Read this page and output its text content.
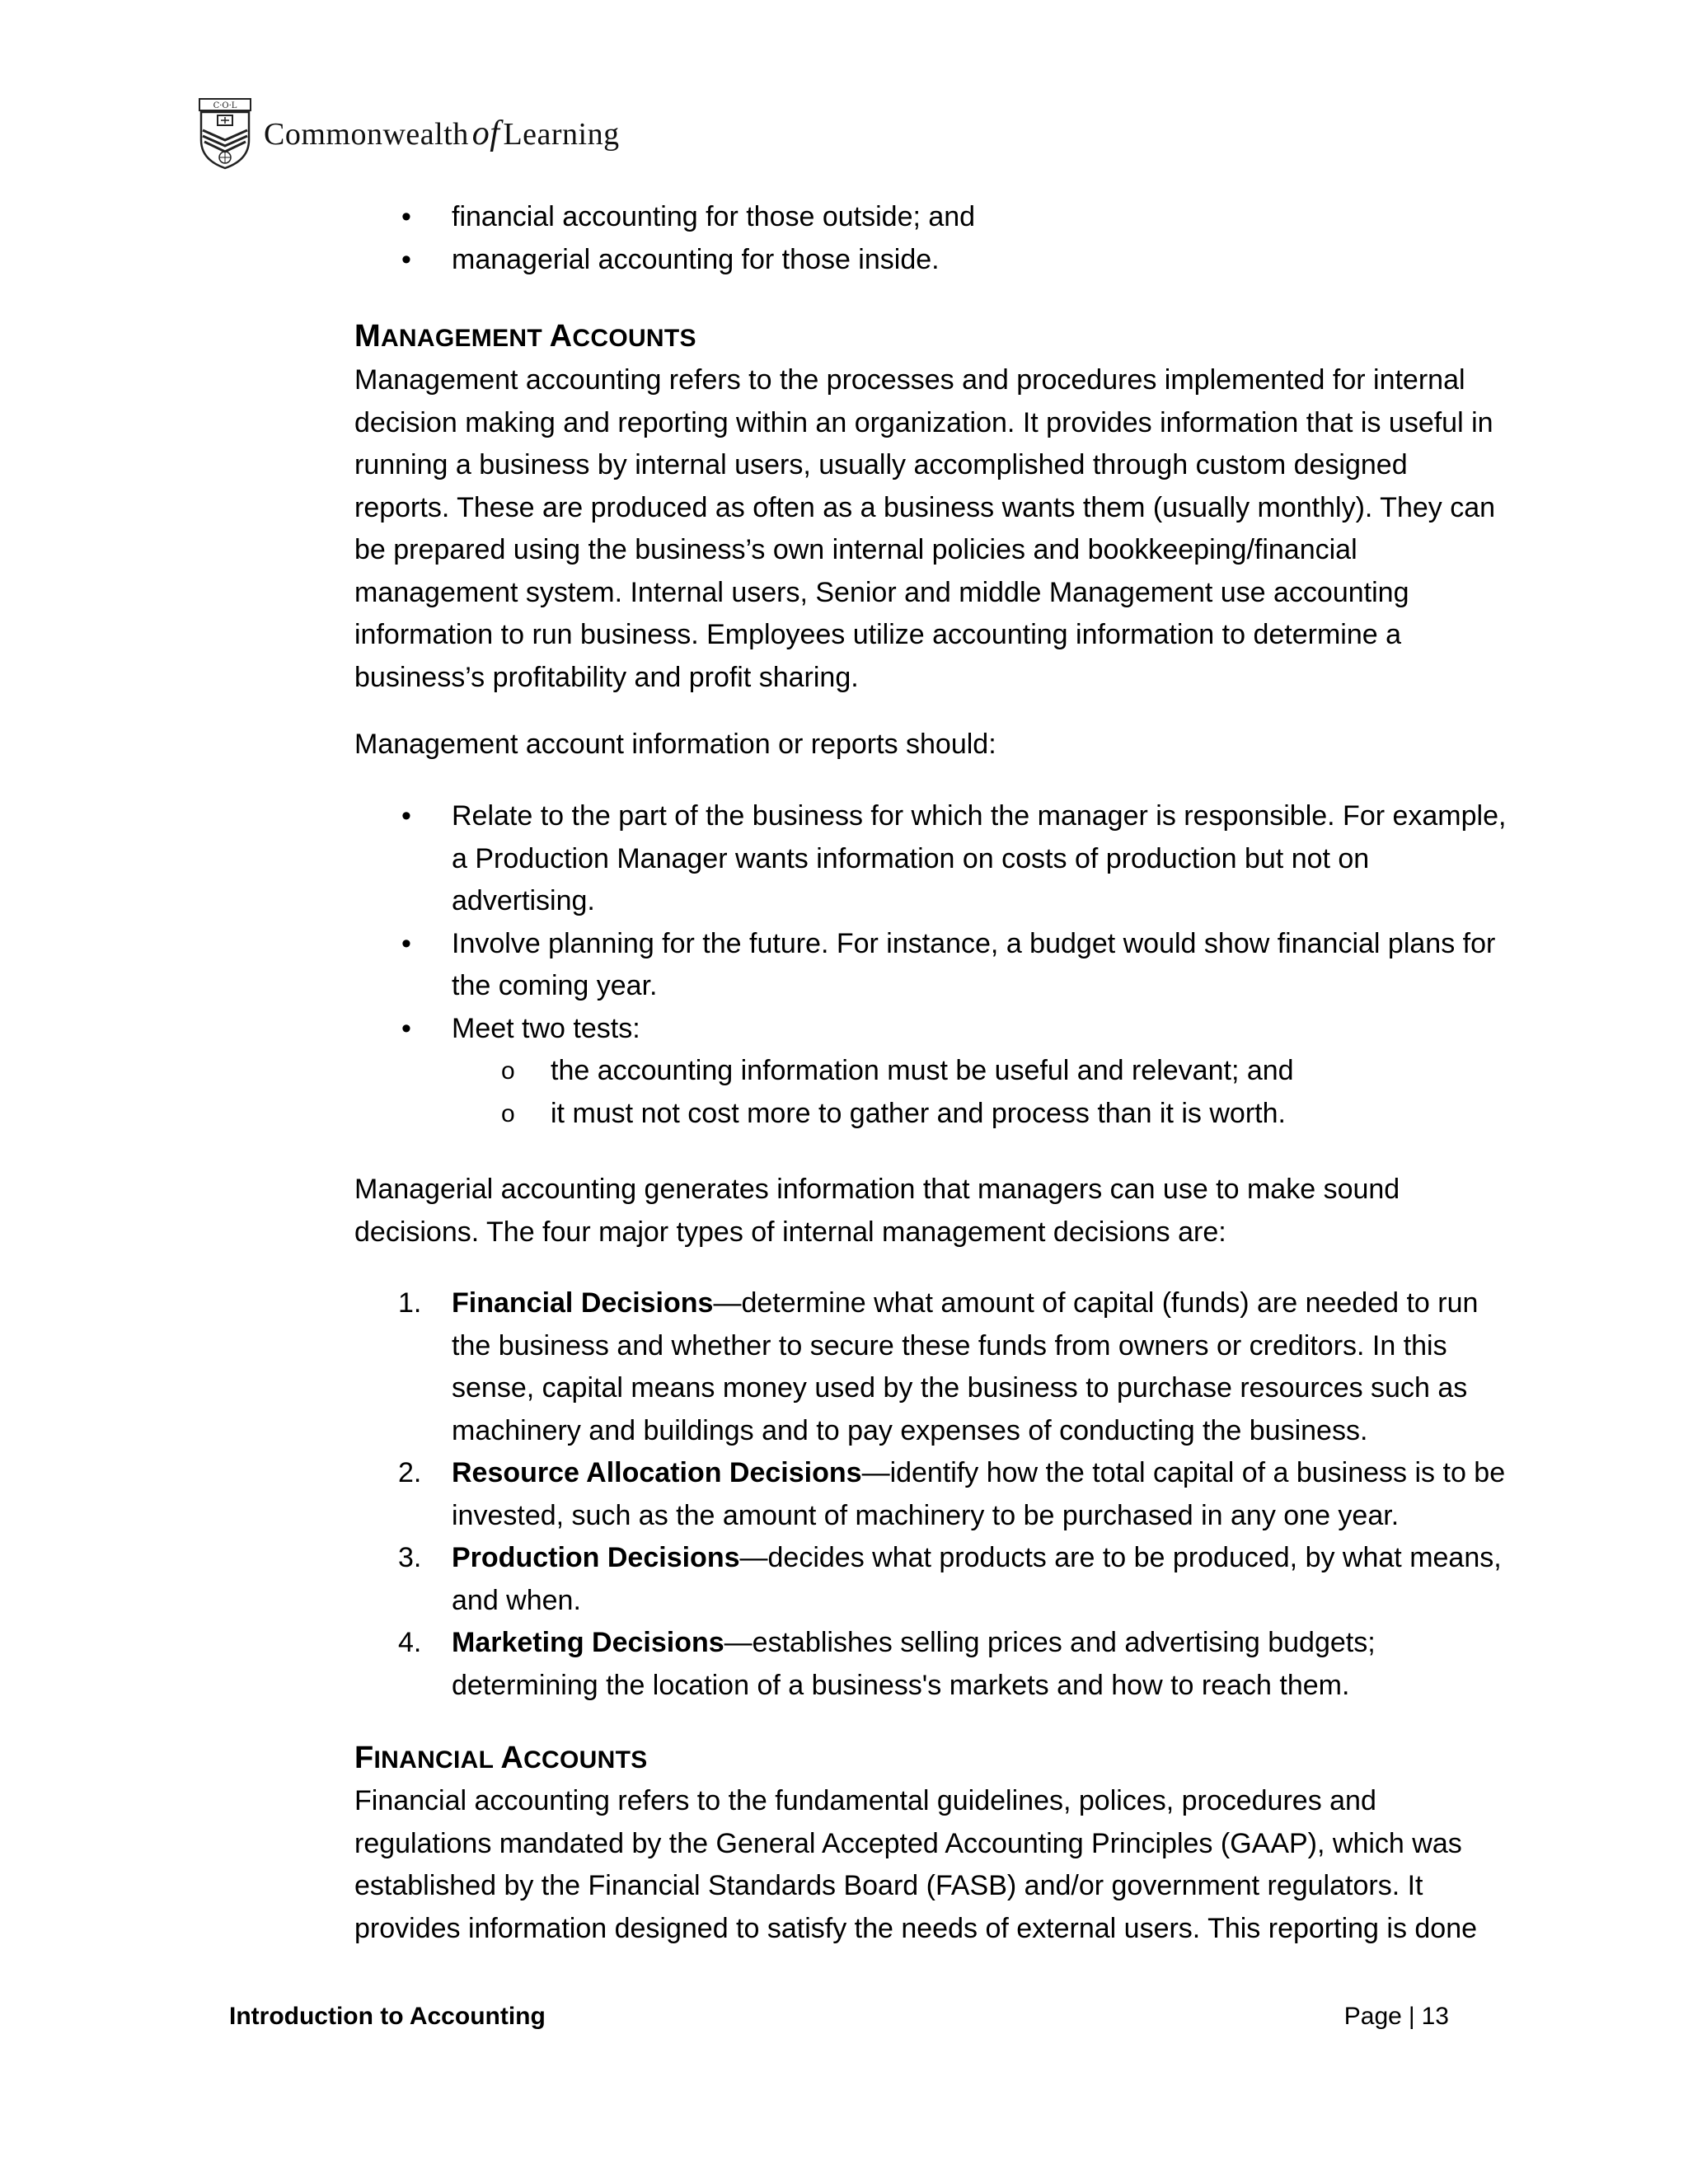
C·O·L
Commonwealth of Learning
• financial accounting for those outside; and
• managerial accounting for those inside.
MANAGEMENT ACCOUNTS

Management accounting refers to the processes and procedures implemented for internal decision making and reporting within an organization. It provides information that is useful in running a business by internal users, usually accomplished through custom designed reports. These are produced as often as a business wants them (usually monthly). They can be prepared using the business’s own internal policies and bookkeeping/financial management system. Internal users, Senior and middle Management use accounting information to run business. Employees utilize accounting information to determine a business’s profitability and profit sharing.

Management account information or reports should:

• Relate to the part of the business for which the manager is responsible. For example, a Production Manager wants information on costs of production but not on advertising.
• Involve planning for the future. For instance, a budget would show financial plans for the coming year.
• Meet two tests:
o the accounting information must be useful and relevant; and
o it must not cost more to gather and process than it is worth.

Managerial accounting generates information that managers can use to make sound decisions. The four major types of internal management decisions are:

1. Financial Decisions—determine what amount of capital (funds) are needed to run the business and whether to secure these funds from owners or creditors. In this sense, capital means money used by the business to purchase resources such as machinery and buildings and to pay expenses of conducting the business.
2. Resource Allocation Decisions—identify how the total capital of a business is to be invested, such as the amount of machinery to be purchased in any one year.
3. Production Decisions—decides what products are to be produced, by what means, and when.
4. Marketing Decisions—establishes selling prices and advertising budgets; determining the location of a business's markets and how to reach them.
FINANCIAL ACCOUNTS

Financial accounting refers to the fundamental guidelines, polices, procedures and regulations mandated by the General Accepted Accounting Principles (GAAP), which was established by the Financial Standards Board (FASB) and/or government regulators. It provides information designed to satisfy the needs of external users. This reporting is done

Introduction to Accounting	Page | 13
